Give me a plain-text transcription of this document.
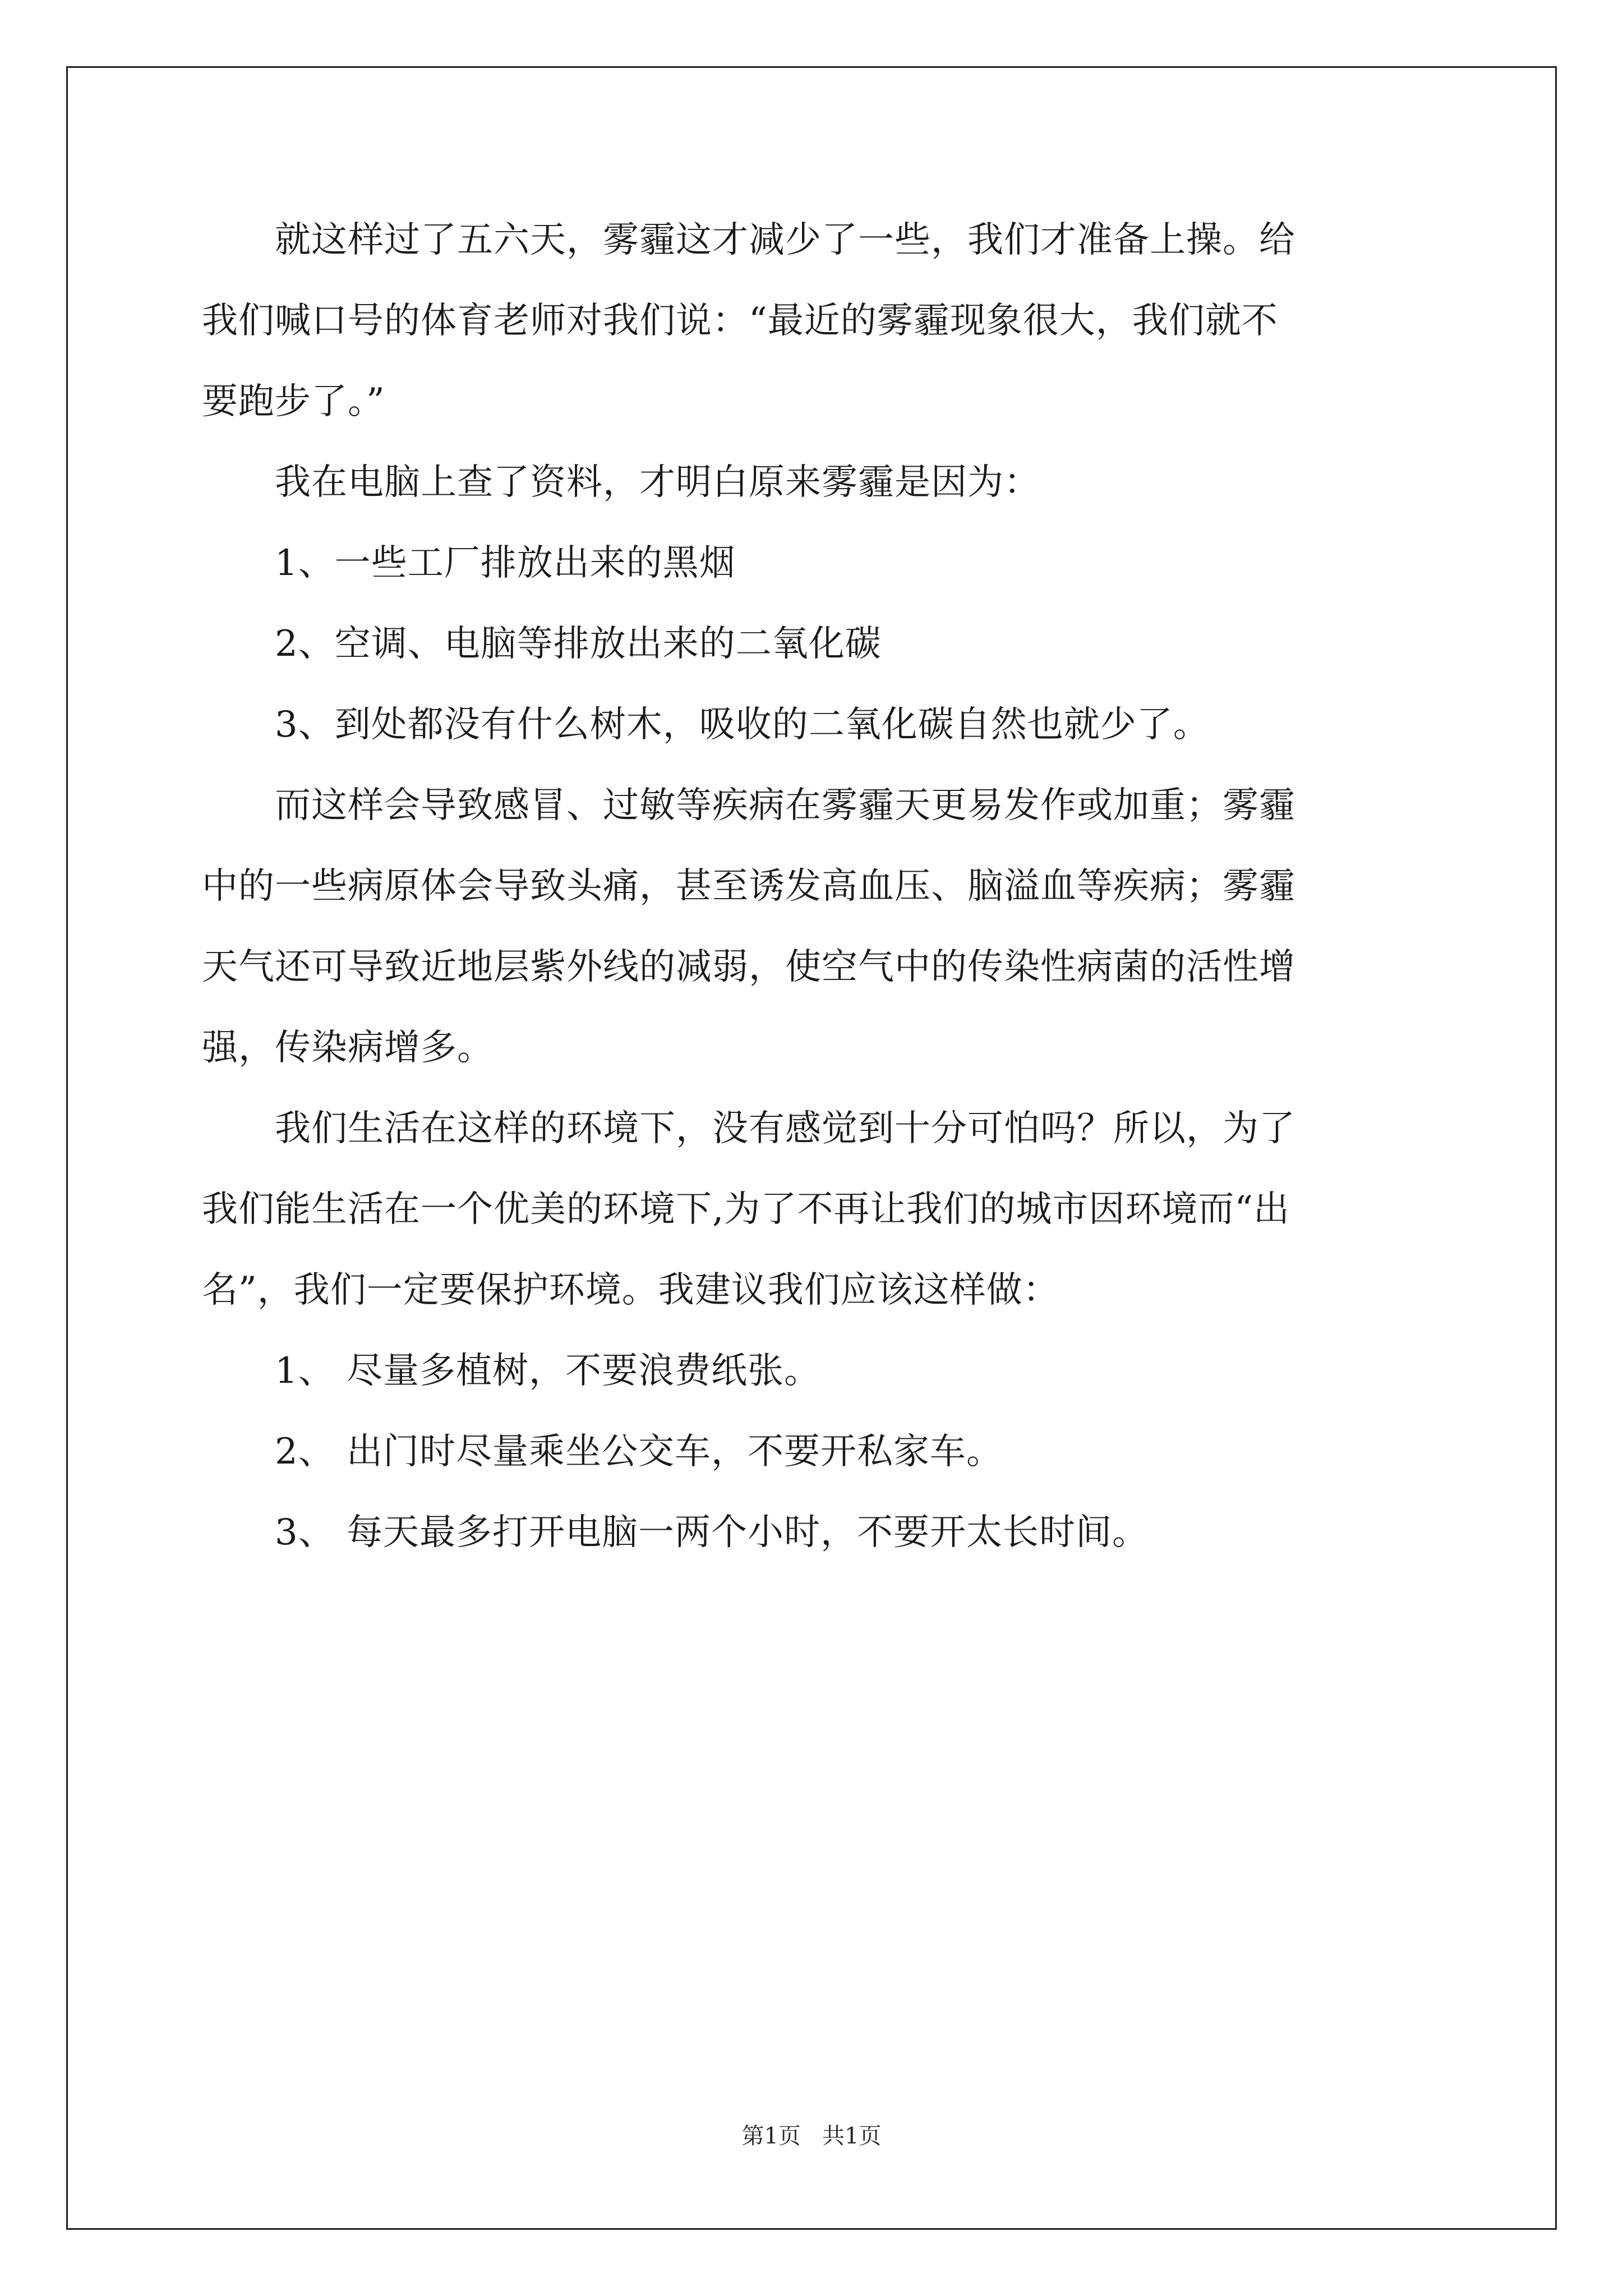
　　就这样过了五六天，雾霾这才减少了一些，我们才准备上操。给
我们喊口号的体育老师对我们说：“最近的雾霾现象很大，我们就不
要跑步了。”
　　我在电脑上查了资料，才明白原来雾霾是因为：
　　1、一些工厂排放出来的黑烟
　　2、空调、电脑等排放出来的二氧化碳
　　3、到处都没有什么树木，吸收的二氧化碳自然也就少了。
　　而这样会导致感冒、过敏等疾病在雾霾天更易发作或加重；雾霾
中的一些病原体会导致头痛，甚至诱发高血压、脑溢血等疾病；雾霾
天气还可导致近地层紫外线的减弱，使空气中的传染性病菌的活性增
强，传染病增多。
　　我们生活在这样的环境下，没有感觉到十分可怕吗？所以，为了
我们能生活在一个优美的环境下,为了不再让我们的城市因环境而“出
名”，我们一定要保护环境。我建议我们应该这样做：
　　1、 尽量多植树，不要浪费纸张。
　　2、 出门时尽量乘坐公交车，不要开私家车。
　　3、 每天最多打开电脑一两个小时，不要开太长时间。
第1页   共1页
